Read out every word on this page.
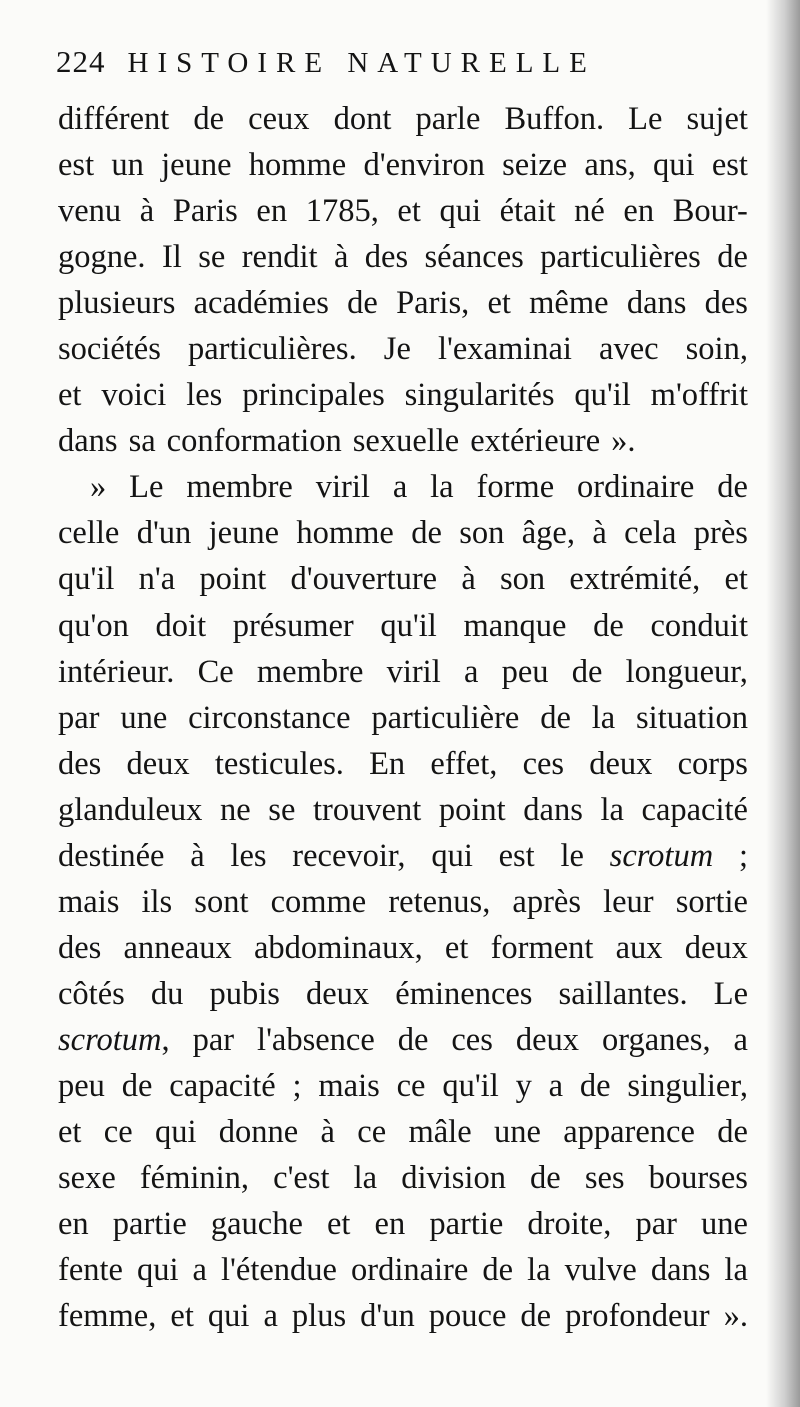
224 HISTOIRE NATURELLE
différent de ceux dont parle Buffon. Le sujet
est un jeune homme d'environ seize ans, qui est
venu à Paris en 1785, et qui était né en Bour-
gogne. Il se rendit à des séances particulières de
plusieurs académies de Paris, et même dans des
sociétés particulières. Je l'examinai avec soin,
et voici les principales singularités qu'il m'offrit
dans sa conformation sexuelle extérieure ».
» Le membre viril a la forme ordinaire de
celle d'un jeune homme de son âge, à cela près
qu'il n'a point d'ouverture à son extrémité, et
qu'on doit présumer qu'il manque de conduit
intérieur. Ce membre viril a peu de longueur,
par une circonstance particulière de la situation
des deux testicules. En effet, ces deux corps
glanduleux ne se trouvent point dans la capacité
destinée à les recevoir, qui est le scrotum ;
mais ils sont comme retenus, après leur sortie
des anneaux abdominaux, et forment aux deux
côtés du pubis deux éminences saillantes. Le
scrotum, par l'absence de ces deux organes, a
peu de capacité ; mais ce qu'il y a de singulier,
et ce qui donne à ce mâle une apparence de
sexe féminin, c'est la division de ses bourses
en partie gauche et en partie droite, par une
fente qui a l'étendue ordinaire de la vulve dans la
femme, et qui a plus d'un pouce de profondeur ».
